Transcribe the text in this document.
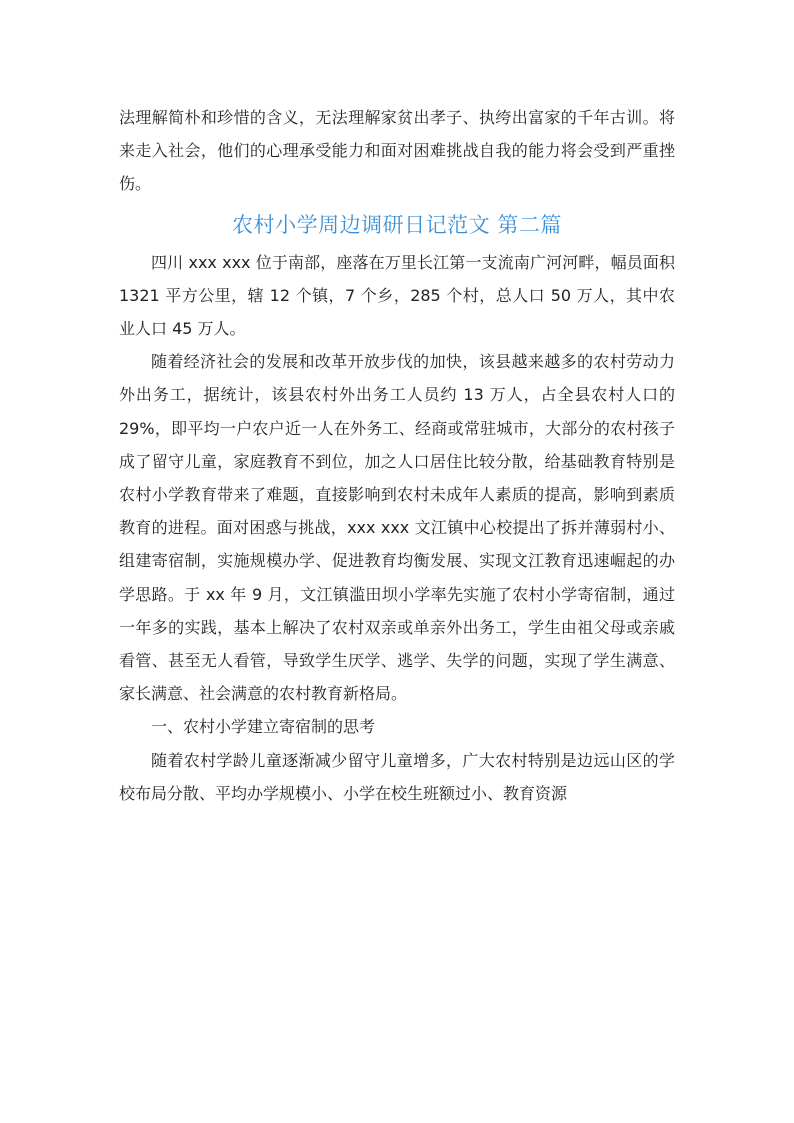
法理解简朴和珍惜的含义，无法理解家贫出孝子、执绔出富家的千年古训。将来走入社会，他们的心理承受能力和面对困难挑战自我的能力将会受到严重挫伤。

农村小学周边调研日记范文 第二篇

四川 xxx xxx 位于南部，座落在万里长江第一支流南广河河畔，幅员面积 1321 平方公里，辖 12 个镇，7 个乡，285 个村，总人口 50 万人，其中农业人口 45 万人。

随着经济社会的发展和改革开放步伐的加快，该县越来越多的农村劳动力外出务工，据统计，该县农村外出务工人员约 13 万人，占全县农村人口的 29%，即平均一户农户近一人在外务工、经商或常驻城市，大部分的农村孩子成了留守儿童，家庭教育不到位，加之人口居住比较分散，给基础教育特别是农村小学教育带来了难题，直接影响到农村未成年人素质的提高，影响到素质教育的进程。面对困惑与挑战，xxx xxx 文江镇中心校提出了拆并薄弱村小、组建寄宿制，实施规模办学、促进教育均衡发展、实现文江教育迅速崛起的办学思路。于 xx 年 9 月，文江镇滥田坝小学率先实施了农村小学寄宿制，通过一年多的实践，基本上解决了农村双亲或单亲外出务工，学生由祖父母或亲戚看管、甚至无人看管，导致学生厌学、逃学、失学的问题，实现了学生满意、家长满意、社会满意的农村教育新格局。

一、农村小学建立寄宿制的思考

随着农村学龄儿童逐渐减少留守儿童增多，广大农村特别是边远山区的学校布局分散、平均办学规模小、小学在校生班额过小、教育资源
